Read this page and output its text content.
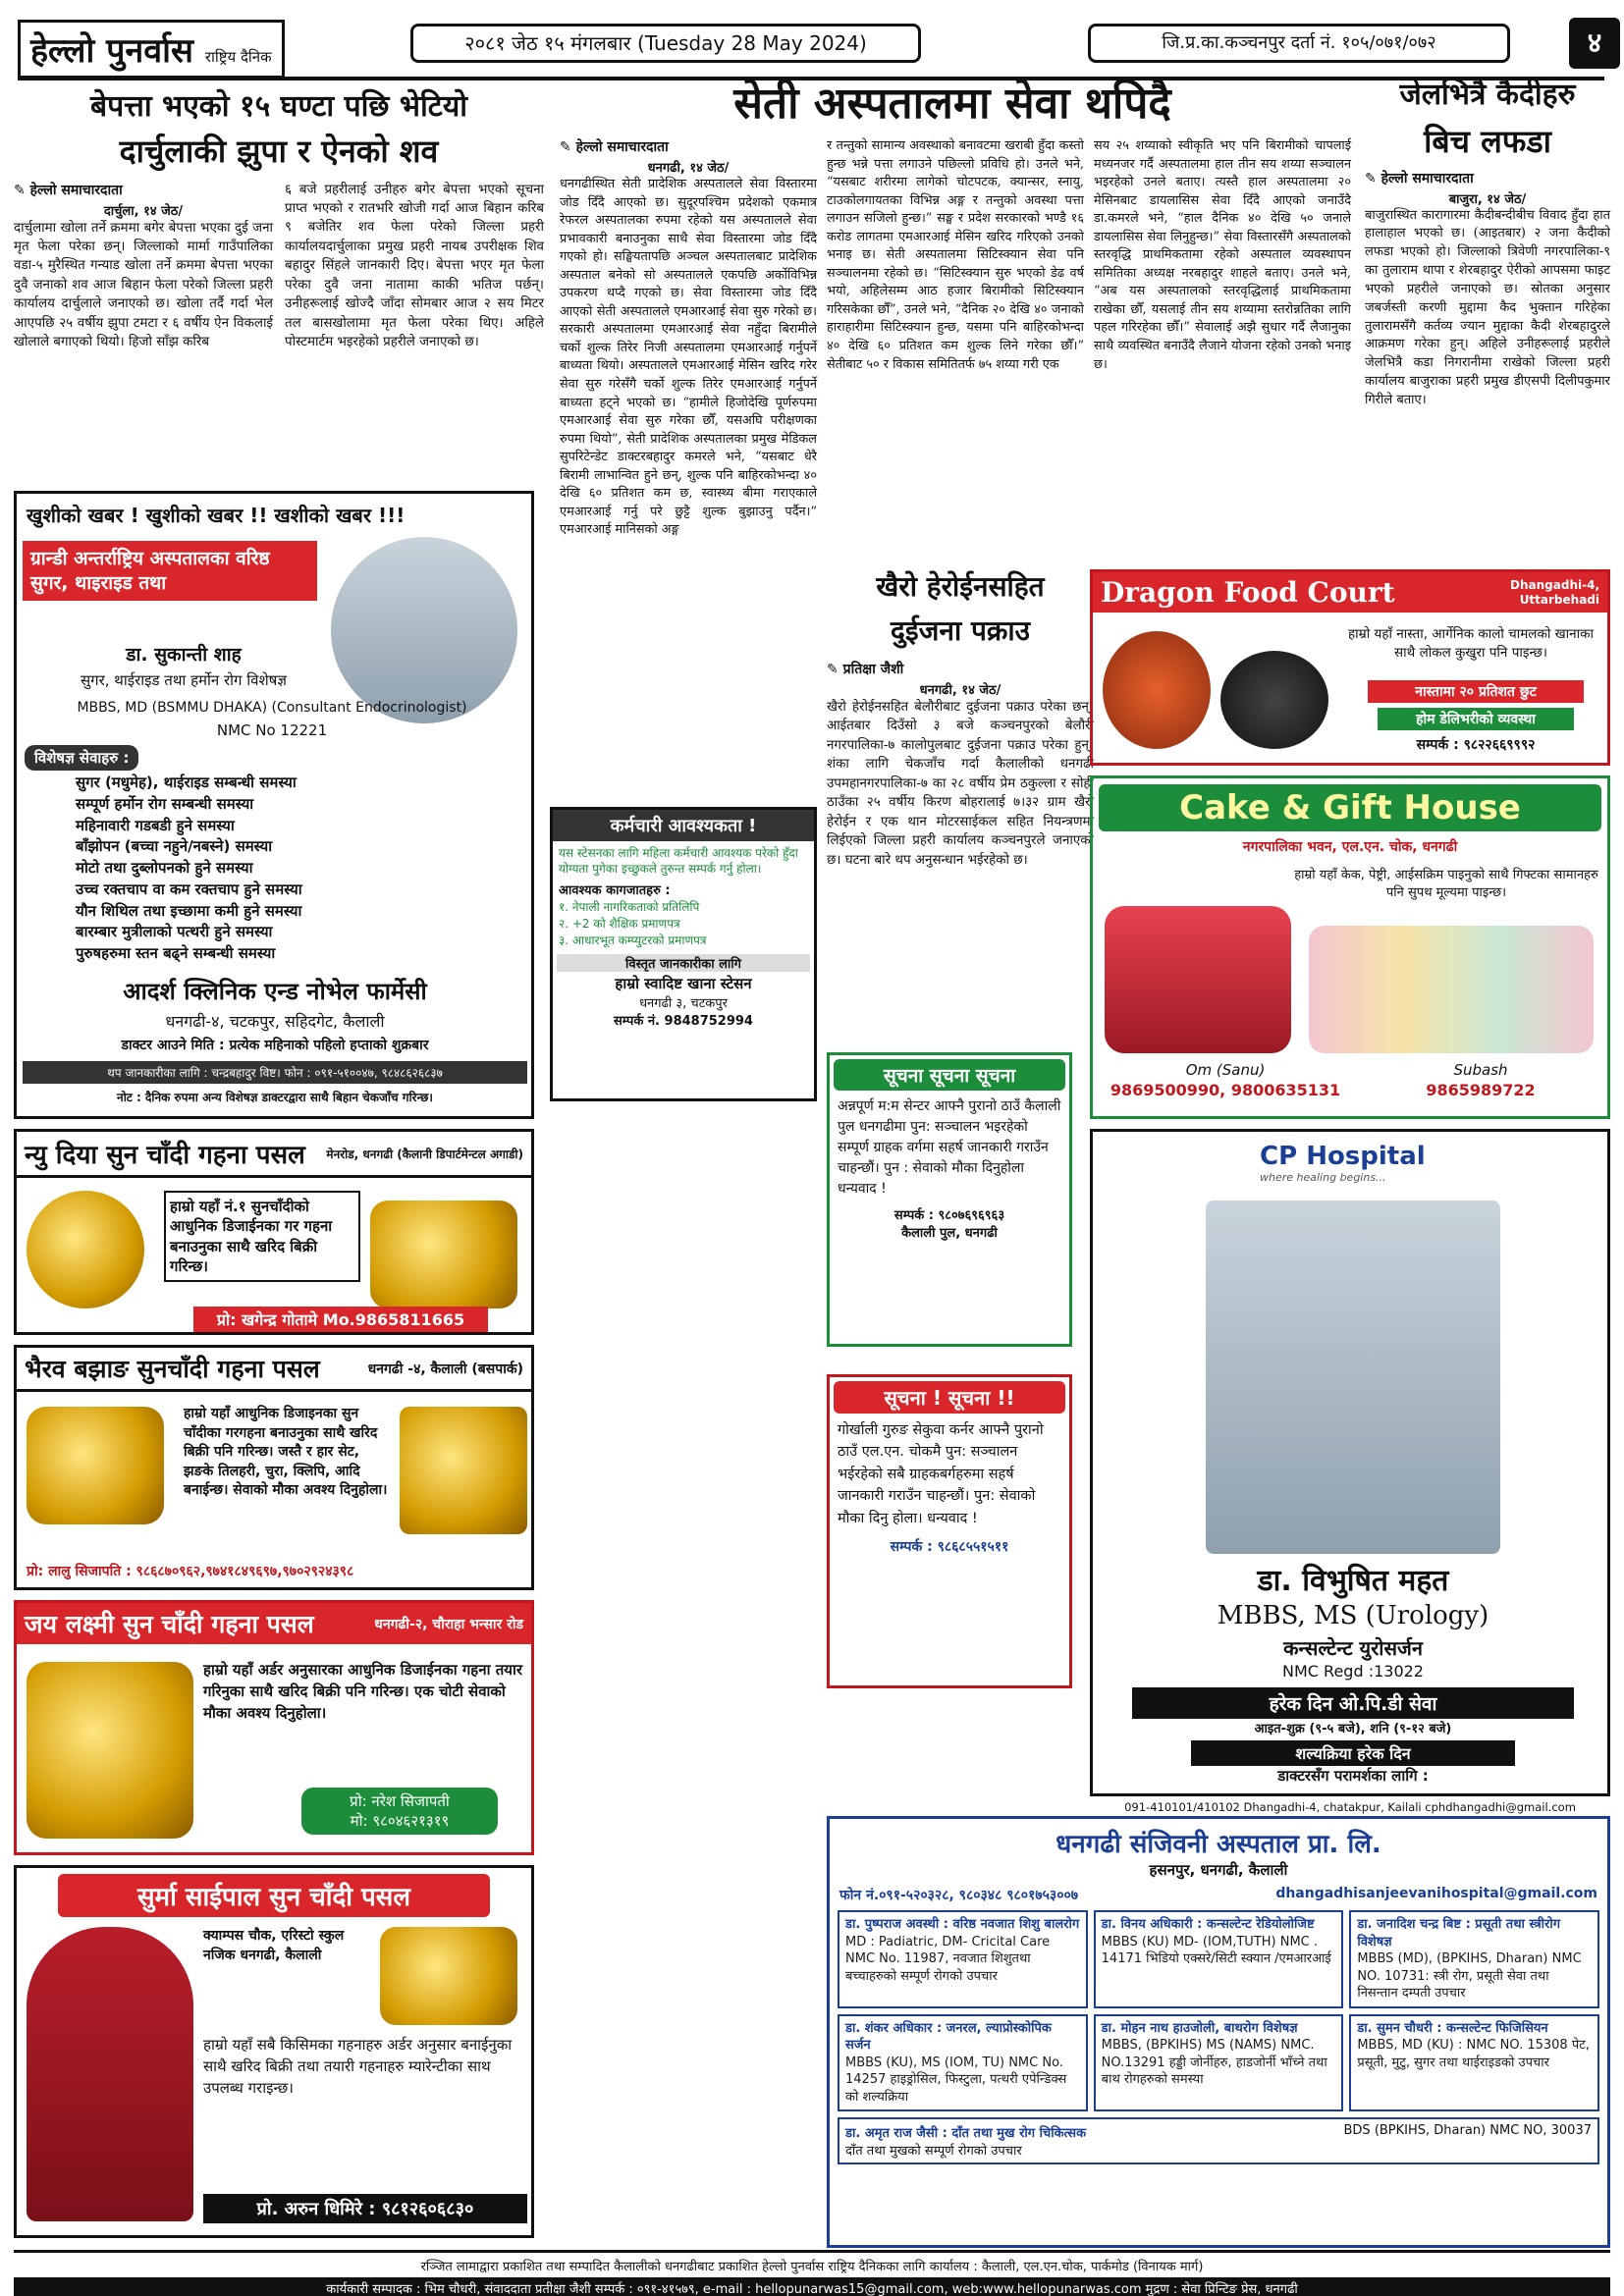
हेल्लो पुनर्वास राष्ट्रिय दैनिक
२०८१ जेठ १५ मंगलबार (Tuesday 28 May 2024)	जि.प्र.का.कञ्चनपुर दर्ता नं. १०५/०७१/०७२	४
बेपत्ता भएको १५ घण्टा पछि भेटियो
दार्चुलाकी झुपा र ऐनको शव
✎ हेल्लो समाचारदाता
दार्चुला, १४ जेठ/
दार्चुलामा खोला तर्ने क्रममा बगेर बेपत्ता भएका दुई जना मृत फेला परेका छन्। जिल्लाको मार्मा गाउँपालिका वडा-५ मुरैस्थित गन्याड खोला तर्ने क्रममा बेपत्ता भएका दुवै जनाको शव आज बिहान फेला परेको जिल्ला प्रहरी कार्यालय दार्चुलाले जनाएको छ। खोला तर्दै गर्दा भेल आएपछि २५ वर्षीय झुपा टमटा र ६ वर्षीय ऐन विकलाई खोलाले बगाएको थियो। हिजो साँझ करिब
६ बजे प्रहरीलाई उनीहरु बगेर बेपत्ता भएको सूचना प्राप्त भएको र रातभरि खोजी गर्दा आज बिहान करिब ९ बजेतिर शव फेला परेको जिल्ला प्रहरी कार्यालयदार्चुलाका प्रमुख प्रहरी नायब उपरीक्षक शिव बहादुर सिंहले जानकारी दिए। बेपत्ता भएर मृत फेला परेका दुवै जना नातामा काकी भतिज पर्छन्। उनीहरूलाई खोज्दै जाँदा सोमबार आज २ सय मिटर तल बासखोलामा मृत फेला परेका थिए। अहिले पोस्टमार्टम भइरहेको प्रहरीले जनाएको छ।
सेती अस्पतालमा सेवा थपिदै
✎ हेल्लो समाचारदाता
धनगढी, १४ जेठ/
धनगढीस्थित सेती प्रादेशिक अस्पतालले सेवा विस्तारमा जोड दिँदै आएको छ। सुदूरपश्चिम प्रदेशको एकमात्र रेफरल अस्पतालका रुपमा रहेको यस अस्पतालले सेवा प्रभावकारी बनाउनुका साथै सेवा विस्तारमा जोड दिँदै गएको हो। सङ्घियतापछि अञ्चल अस्पतालबाट प्रादेशिक अस्पताल बनेको सो अस्पतालले एकपछि अर्कोविभिन्न उपकरण थप्दै गएको छ। सेवा विस्तारमा जोड दिँदै आएको सेती अस्पतालले एमआरआई सेवा सुरु गरेको छ। सरकारी अस्पतालमा एमआरआई सेवा नहुँदा बिरामीले चर्को शुल्क तिरेर निजी अस्पतालमा एमआरआई गर्नुपर्ने बाध्यता थियो। अस्पतालले एमआरआई मेसिन खरिद गरेर सेवा सुरु गरेसँगै चर्को शुल्क तिरेर एमआरआई गर्नुपर्ने बाध्यता हट्ने भएको छ। “हामीले हिजोदेखि पूर्णरुपमा एमआरआई सेवा सुरु गरेका छौँ, यसअघि परीक्षणका रुपमा थियो”, सेती प्रादेशिक अस्पतालका प्रमुख मेडिकल सुपरिटेन्डेट डाक्टरबहादुर कमरले भने, “यसबाट धेरै बिरामी लाभान्वित हुने छन्, शुल्क पनि बाहिरकोभन्दा ४० देखि ६० प्रतिशत कम छ, स्वास्थ्य बीमा गराएकाले एमआरआई गर्नु परे छुट्टै शुल्क बुझाउनु पर्दैन।” एमआरआई मानिसको अङ्ग
र तन्तुको सामान्य अवस्थाको बनावटमा खराबी हुँदा कस्तो हुन्छ भन्ने पत्ता लगाउने पछिल्लो प्रविधि हो। उनले भने, “यसबाट शरीरमा लागेको चोटपटक, क्यान्सर, स्नायु, टाउकोलगायतका विभिन्न अङ्ग र तन्तुको अवस्था पत्ता लगाउन सजिलो हुन्छ।” सङ्घ र प्रदेश सरकारको भण्डै १६ करोड लागतमा एमआरआई मेसिन खरिद गरिएको उनको भनाइ छ। सेती अस्पतालमा सिटिस्क्यान सेवा पनि सञ्चालनमा रहेको छ। “सिटिस्क्यान सुरु भएको डेढ वर्ष भयो, अहिलेसम्म आठ हजार बिरामीको सिटिस्क्यान गरिसकेका छौँ”, उनले भने, “दैनिक २० देखि ४० जनाको हाराहारीमा सिटिस्क्यान हुन्छ, यसमा पनि बाहिरकोभन्दा ४० देखि ६० प्रतिशत कम शुल्क लिने गरेका छौँ।” सेतीबाट ५० र विकास समितितर्फ ७५ शय्या गरी एक
सय २५ शय्याको स्वीकृति भए पनि बिरामीको चापलाई मध्यनजर गर्दै अस्पतालमा हाल तीन सय शय्या सञ्चालन भइरहेको उनले बताए। त्यस्तै हाल अस्पतालमा २० मेसिनबाट डायलासिस सेवा दिँदै आएको जनाउँदै डा.कमरले भने, “हाल दैनिक ४० देखि ५० जनाले डायलासिस सेवा लिनुहुन्छ।” सेवा विस्तारसँगै अस्पतालको स्तरवृद्धि प्राथमिकतामा रहेको अस्पताल व्यवस्थापन समितिका अध्यक्ष नरबहादुर शाहले बताए। उनले भने, “अब यस अस्पतालको स्तरवृद्धिलाई प्राथमिकतामा राखेका छौँ, यसलाई तीन सय शय्यामा स्तरोन्नतिका लागि पहल गरिरहेका छौँ।” सेवालाई अझै सुधार गर्दै लैजानुका साथै व्यवस्थित बनाउँदै लैजाने योजना रहेको उनको भनाइ छ।
जेलभित्रै कैदीहरु
बिच लफडा
✎ हेल्लो समाचारदाता
बाजुरा, १४ जेठ/
बाजुरास्थित कारागारमा कैदीबन्दीबीच विवाद हुँदा हात हालाहाल भएको छ। (आइतबार) २ जना कैदीको लफडा भएको हो। जिल्लाको त्रिवेणी नगरपालिका-९ का तुलाराम थापा र शेरबहादुर ऐरीको आपसमा फाइट भएको प्रहरीले जनाएको छ। स्रोतका अनुसार जबर्जस्ती करणी मुद्दामा कैद भुक्तान गरिहेका तुलारामसँगै कर्तव्य ज्यान मुद्दाका कैदी शेरबहादुरले आक्रमण गरेका हुन्। अहिले उनीहरूलाई प्रहरीले जेलभित्रै कडा निगरानीमा राखेको जिल्ला प्रहरी कार्यालय बाजुराका प्रहरी प्रमुख डीएसपी दिलीपकुमार गिरीले बताए।
खुशीको खबर ! खुशीको खबर !! खशीको खबर !!!
ग्रान्डी अन्तर्राष्ट्रिय अस्पतालका वरिष्ठ सुगर, थाइराइड तथा
डा. सुकान्ती शाह
सुगर, थाईराइड तथा हर्मोन रोग विशेषज्ञ
MBBS, MD (BSMMU DHAKA) (Consultant Endocrinologist)
NMC No 12221
विशेषज्ञ सेवाहरु :
सुगर (मधुमेह), थाईराइड सम्बन्धी समस्या
सम्पूर्ण हर्मोन रोग सम्बन्धी समस्या
महिनावारी गडबडी हुने समस्या
बाँझोपन (बच्चा नहुने/नबस्ने) समस्या
मोटो तथा दुब्लोपनको हुने समस्या
उच्च रक्तचाप वा कम रक्तचाप हुने समस्या
यौन शिथिल तथा इच्छामा कमी हुने समस्या
बारम्बार मुत्रीलाको पत्थरी हुने समस्या
पुरुषहरुमा स्तन बढ्ने सम्बन्धी समस्या
आदर्श क्लिनिक एन्ड नोभेल फार्मेसी
धनगढी-४, चटकपुर, सहिदगेट, कैलाली
डाक्टर आउने मिति : प्रत्येक महिनाको पहिलो हप्ताको शुक्रबार
थप जानकारीका लागि : चन्द्रबहादुर विष्ट। फोन : ०९१-५१००४७, ९८४८६२६८३७
नोट : दैनिक रुपमा अन्य विशेषज्ञ डाक्टरद्वारा साथै बिहान चेकजाँच गरिन्छ।
न्यु दिया सुन चाँदी गहना पसल मेनरोड, धनगढी (कैलानी डिपार्टमेन्टल अगाडी)
हाम्रो यहाँ नं.१ सुनचाँदीको आधुनिक डिजाईनका गर गहना बनाउनुका साथै खरिद बिक्री गरिन्छ।
प्रो: खगेन्द्र गोतामे Mo.9865811665
भैरव बझाङ सुनचाँदी गहना पसल	धनगढी -४, कैलाली (बसपार्क)
हाम्रो यहाँ आधुनिक डिजाइनका सुन चाँदीका गरगहना बनाउनुका साथै खरिद बिक्री पनि गरिन्छ। जस्तै र हार सेट, झङके तिलहरी, चुरा, क्लिपि, आदि बनाईन्छ। सेवाको मौका अवश्य दिनुहोला।
प्रो: लालु सिजापति : ९८६८७०९६२,९७४१८४९६९७,९७०२९२४३९८
जय लक्ष्मी सुन चाँदी गहना पसल	धनगढी-२, चौराहा भन्सार रोड
हाम्रो यहाँ अर्डर अनुसारका आधुनिक डिजाईनका गहना तयार गरिनुका साथै खरिद बिक्री पनि गरिन्छ। एक चोटी सेवाको मौका अवश्य दिनुहोला।
प्रो: नरेश सिजापती
मो: ९८०४६२१३१९
सुर्मा साईपाल सुन चाँदी पसल
क्याम्पस चौक, एरिस्टो स्कुल नजिक धनगढी, कैलाली
हाम्रो यहाँ सबै किसिमका गहनाहरु अर्डर अनुसार बनाईनुका साथै खरिद बिक्री तथा तयारी गहनाहरु म्यारेन्टीका साथ उपलब्ध गराइन्छ।
प्रो. अरुन धिमिरे : ९८१२६०६८३०
कर्मचारी आवश्यकता !
यस स्टेसनका लागि महिला कर्मचारी आवश्यक परेको हुँदा योग्यता पुगेका इच्छुकले तुरुन्त सम्पर्क गर्नु होला।
आवश्यक कागजातहरु :
१. नेपाली नागरिकताको प्रतिलिपि
२. +2 को शैक्षिक प्रमाणपत्र
३. आधारभूत कम्प्युटरको प्रमाणपत्र
विस्तृत जानकारीका लागि
हाम्रो स्वादिष्ट खाना स्टेसन
धनगढी ३, चटकपुर
सम्पर्क नं. 9848752994
खैरो हेरोईनसहित
दुईजना पक्राउ
✎ प्रतिक्षा जैशी
धनगढी, १४ जेठ/
खैरो हेरोईनसहित बेलौरीबाट दुईजना पक्राउ परेका छन्। आईतबार दिउँसो ३ बजे कञ्चनपुरको बेलौरी नगरपालिका-७ कालोपुलबाट दुईजना पक्राउ परेका हुन्। शंका लागि चेकजाँच गर्दा कैलालीको धनगढी उपमहानगरपालिका-७ का २८ वर्षीय प्रेम ठकुल्ला र सोही ठाउँका २५ वर्षीय किरण बोहरालाई ७।३२ ग्राम खैरो हेरोईन र एक थान मोटरसाईकल सहित नियन्त्रणमा लिईएको जिल्ला प्रहरी कार्यालय कञ्चनपुरले जनाएको छ। घटना बारे थप अनुसन्धान भईरहेको छ।
सूचना सूचना सूचना
अन्नपूर्ण म:म सेन्टर आफ्नै पुरानो ठाउँ कैलाली पुल धनगढीमा पुन: सञ्चालन भइरहेको सम्पूर्ण ग्राहक वर्गमा सहर्ष जानकारी गराउँन चाहन्छौं। पुन : सेवाको मौका दिनुहोला धन्यवाद !
सम्पर्क : ९८०७६९६९६३
कैलाली पुल, धनगढी
सूचना ! सूचना !!
गोर्खाली गुरुङ सेकुवा कर्नर आफ्नै पुरानो ठाउँ एल.एन. चोकमै पुन: सञ्चालन भईरहेको सबै ग्राहकबर्गहरुमा सहर्ष जानकारी गराउँन चाहन्छौं। पुन: सेवाको मौका दिनु होला। धन्यवाद !
सम्पर्क : ९८६८५५१५११
Dragon Food Court	Dhangadhi-4,
Uttarbehadi
हाम्रो यहाँ नास्ता, आर्गेनिक कालो चामलको खानाका साथै लोकल कुखुरा पनि पाइन्छ।
नास्तामा २० प्रतिशत छुट
होम डेलिभरीको व्यवस्था
सम्पर्क : ९८२२६६९९९२
Cake & Gift House
नगरपालिका भवन, एल.एन. चोक, धनगढी
हाम्रो यहाँ केक, पेष्ट्री, आईसक्रिम पाइनुको साथै गिफ्टका सामानहरु पनि सुपथ मूल्यमा पाइन्छ।
Om (Sanu)
9869500990, 9800635131
Subash
9865989722
CP Hospital
where healing begins...
डा. विभुषित महत
MBBS, MS (Urology)
कन्सल्टेन्ट युरोसर्जन
NMC Regd :13022
हरेक दिन ओ.पि.डी सेवा
आइत-शुक्र (९-५ बजे), शनि (९-१२ बजे)
शल्यक्रिया हरेक दिन
डाक्टरसँग परामर्शका लागि :
091-410101/410102 Dhangadhi-4, chatakpur, Kailali cphdhangadhi@gmail.com
धनगढी संजिवनी अस्पताल प्रा. लि.
हसनपुर, धनगढी, कैलाली
फोन नं.०९१-५२०३२८, ९८०३४८ ९८०१७५३००७	dhangadhisanjeevanihospital@gmail.com
डा. पुष्पराज अवस्थी : वरिष्ठ नवजात शिशु बालरोग
MD : Padiatric, DM- Cricital Care NMC No. 11987, नवजात शिशुतथा बच्चाहरुको सम्पूर्ण रोगको उपचार
डा. विनय अधिकारी : कन्सल्टेन्ट रेडियोलोजिष्ट
MBBS (KU) MD- (IOM,TUTH) NMC . 14171 भिडियो एक्सरे/सिटी स्क्यान /एमआरआई
डा. जनादिश चन्द्र बिष्ट : प्रसूती तथा स्त्रीरोग विशेषज्ञ
MBBS (MD), (BPKIHS, Dharan) NMC NO. 10731: स्त्री रोग, प्रसूती सेवा तथा निसन्तान दम्पती उपचार
डा. शंकर अधिकार : जनरल, ल्याप्रोस्कोपिक सर्जन
MBBS (KU), MS (IOM, TU) NMC No. 14257 हाइड्रोसिल, फिस्टुला, पत्थरी एपेन्डिक्स को शल्यक्रिया
डा. मोहन नाथ हाउजोली, बाथरोग विशेषज्ञ
MBBS, (BPKIHS) MS (NAMS) NMC. NO.13291 हड्डी जोर्नीहरु, हाडजोर्नी भाँच्ने तथा बाथ रोगहरुको समस्या
डा. सुमन चौधरी : कन्सल्टेन्ट फिजिसियन
MBBS, MD (KU) : NMC NO. 15308 पेट, प्रसूती, मुटु, सुगर तथा थाईराइडको उपचार
डा. अमृत राज जैसी : दाँत तथा मुख रोग चिकित्सक	BDS (BPKIHS, Dharan) NMC NO, 30037
दाँत तथा मुखको सम्पूर्ण रोगको उपचार
रञ्जित लामाद्वारा प्रकाशित तथा सम्पादित कैलालीको धनगढीबाट प्रकाशित हेल्लो पुनर्वास राष्ट्रिय दैनिकका लागि कार्यालय : कैलाली, एल.एन.चोक, पार्कमोड (विनायक मार्ग)
कार्यकारी सम्पादक : भिम चौधरी, संवाददाता प्रतीक्षा जैशी सम्पर्क : ०९१-४१५७९, e-mail : hellopunarwas15@gmail.com, web:www.hellopunarwas.com मुद्रण : सेवा प्रिन्टिङ प्रेस, धनगढी
